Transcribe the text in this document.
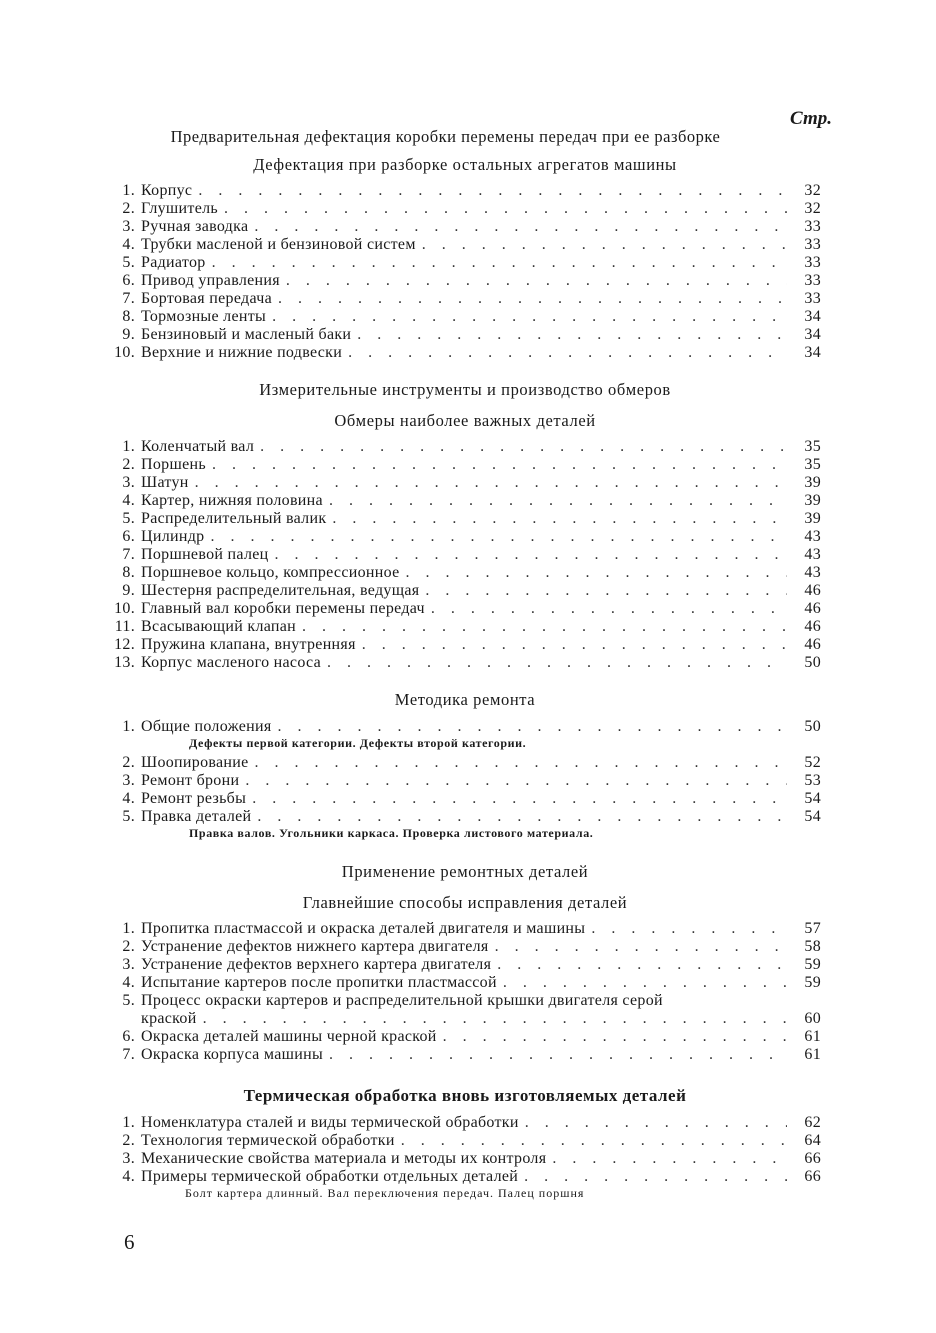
Стр.

Предварительная дефектация коробки перемены передач при ее разборке
Дефектация при разборке остальных агрегатов машины
1. Корпус . . .	32
2. Глушитель . . .	32
3. Ручная заводка . . .	33
4. Трубки масленой и бензиновой систем . . .	33
5. Радиатор . . .	33
6. Привод управления . . .	33
7. Бортовая передача . . .	33
8. Тормозные ленты . . .	34
9. Бензиновый и масленый баки . . .	34
10. Верхние и нижние подвески . . .	34
Измерительные инструменты и производство обмеров
Обмеры наиболее важных деталей
1. Коленчатый вал . . .	35
2. Поршень . . .	35
3. Шатун . . .	39
4. Картер, нижняя половина . . .	39
5. Распределительный валик . . .	39
6. Цилиндр . . .	43
7. Поршневой палец . . .	43
8. Поршневое кольцо, компрессионное . . .	43
9. Шестерня распределительная, ведущая . . .	46
10. Главный вал коробки перемены передач . . .	46
11. Всасывающий клапан . . .	46
12. Пружина клапана, внутренняя . . .	46
13. Корпус масленого насоса . . .	50
Методика ремонта
1. Общие положения . . .	50
Дефекты первой категории. Дефекты второй категории.
2. Шоопирование . . .	52
3. Ремонт брони . . .	53
4. Ремонт резьбы . . .	54
5. Правка деталей . . .	54
Правка валов. Угольники каркаса. Проверка листового материала.
Применение ремонтных деталей
Главнейшие способы исправления деталей
1. Пропитка пластмассой и окраска деталей двигателя и машины . . .	57
2. Устранение дефектов нижнего картера двигателя . . .	58
3. Устранение дефектов верхнего картера двигателя . . .	59
4. Испытание картеров после пропитки пластмассой . . .	59
5. Процесс окраски картеров и распределительной крышки двигателя серой
краской . . .	60
6. Окраска деталей машины черной краской . . .	61
7. Окраска корпуса машины . . .	61
Термическая обработка вновь изготовляемых деталей
1. Номенклатура сталей и виды термической обработки . . .	62
2. Технология термической обработки . . .	64
3. Механические свойства материала и методы их контроля . . .	66
4. Примеры термической обработки отдельных деталей . . .	66
Болт картера длинный. Вал переключения передач. Палец поршня

6
